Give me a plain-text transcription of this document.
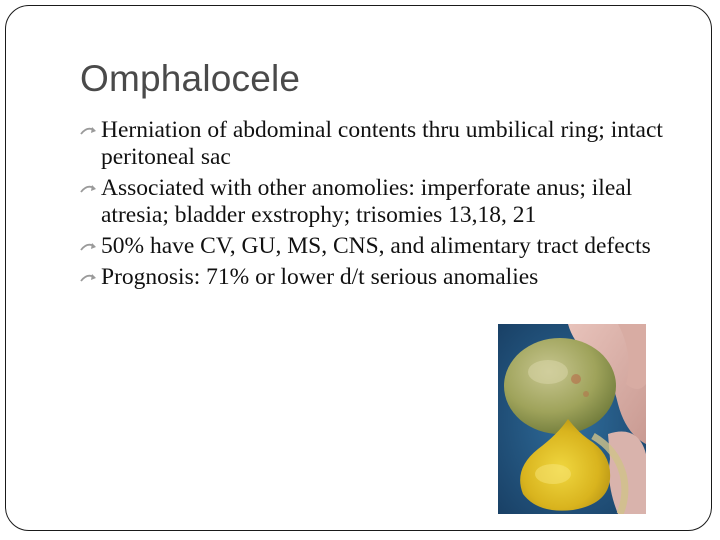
Omphalocele
Herniation of abdominal contents thru umbilical ring; intact peritoneal sac
Associated with other anomolies: imperforate anus; ileal atresia; bladder exstrophy; trisomies 13,18, 21
50% have CV, GU, MS, CNS, and alimentary tract defects
Prognosis: 71% or lower d/t serious anomalies
